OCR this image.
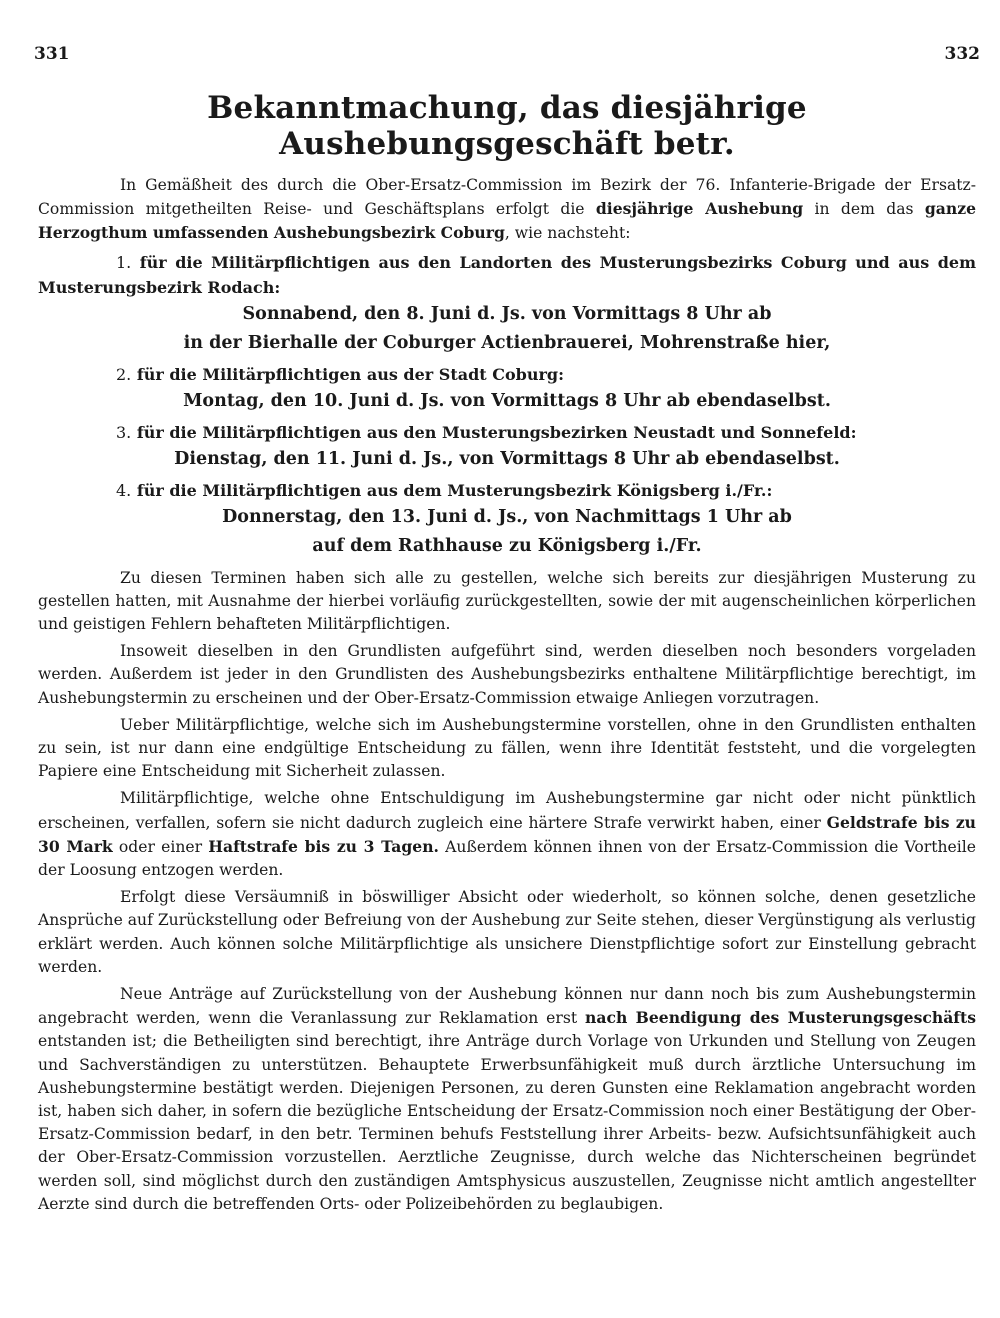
331	332
Bekanntmachung, das diesjährige Aushebungsgeschäft betr.

In Gemäßheit des durch die Ober-Ersatz-Commission im Bezirk der 76. Infanterie-Brigade der Ersatz-Commission mitgetheilten Reise- und Geschäftsplans erfolgt die diesjährige Aushebung in dem das ganze Herzogthum umfassenden Aushebungsbezirk Coburg, wie nachsteht:

1. für die Militärpflichtigen aus den Landorten des Musterungsbezirks Coburg und aus dem Musterungsbezirk Rodach:
Sonnabend, den 8. Juni d. Js. von Vormittags 8 Uhr ab
in der Bierhalle der Coburger Actienbrauerei, Mohrenstraße hier,
2. für die Militärpflichtigen aus der Stadt Coburg:
Montag, den 10. Juni d. Js. von Vormittags 8 Uhr ab ebendaselbst.
3. für die Militärpflichtigen aus den Musterungsbezirken Neustadt und Sonnefeld:
Dienstag, den 11. Juni d. Js., von Vormittags 8 Uhr ab ebendaselbst.
4. für die Militärpflichtigen aus dem Musterungsbezirk Königsberg i./Fr.:
Donnerstag, den 13. Juni d. Js., von Nachmittags 1 Uhr ab
auf dem Rathhause zu Königsberg i./Fr.

Zu diesen Terminen haben sich alle zu gestellen, welche sich bereits zur diesjährigen Musterung zu gestellen hatten, mit Ausnahme der hierbei vorläufig zurückgestellten, sowie der mit augenscheinlichen körperlichen und geistigen Fehlern behafteten Militärpflichtigen.

Insoweit dieselben in den Grundlisten aufgeführt sind, werden dieselben noch besonders vorgeladen werden. Außerdem ist jeder in den Grundlisten des Aushebungsbezirks enthaltene Militärpflichtige berechtigt, im Aushebungstermin zu erscheinen und der Ober-Ersatz-Commission etwaige Anliegen vorzutragen.

Ueber Militärpflichtige, welche sich im Aushebungstermine vorstellen, ohne in den Grundlisten enthalten zu sein, ist nur dann eine endgültige Entscheidung zu fällen, wenn ihre Identität feststeht, und die vorgelegten Papiere eine Entscheidung mit Sicherheit zulassen.

Militärpflichtige, welche ohne Entschuldigung im Aushebungstermine gar nicht oder nicht pünktlich erscheinen, verfallen, sofern sie nicht dadurch zugleich eine härtere Strafe verwirkt haben, einer Geldstrafe bis zu 30 Mark oder einer Haftstrafe bis zu 3 Tagen. Außerdem können ihnen von der Ersatz-Commission die Vortheile der Loosung entzogen werden.

Erfolgt diese Versäumniß in böswilliger Absicht oder wiederholt, so können solche, denen gesetzliche Ansprüche auf Zurückstellung oder Befreiung von der Aushebung zur Seite stehen, dieser Vergünstigung als verlustig erklärt werden. Auch können solche Militärpflichtige als unsichere Dienstpflichtige sofort zur Einstellung gebracht werden.

Neue Anträge auf Zurückstellung von der Aushebung können nur dann noch bis zum Aushebungstermin angebracht werden, wenn die Veranlassung zur Reklamation erst nach Beendigung des Musterungsgeschäfts entstanden ist; die Betheiligten sind berechtigt, ihre Anträge durch Vorlage von Urkunden und Stellung von Zeugen und Sachverständigen zu unterstützen. Behauptete Erwerbsunfähigkeit muß durch ärztliche Untersuchung im Aushebungstermine bestätigt werden. Diejenigen Personen, zu deren Gunsten eine Reklamation angebracht worden ist, haben sich daher, in sofern die bezügliche Entscheidung der Ersatz-Commission noch einer Bestätigung der Ober-Ersatz-Commission bedarf, in den betr. Terminen behufs Feststellung ihrer Arbeits- bezw. Aufsichtsunfähigkeit auch der Ober-Ersatz-Commission vorzustellen. Aerztliche Zeugnisse, durch welche das Nichterscheinen begründet werden soll, sind möglichst durch den zuständigen Amtsphysicus auszustellen, Zeugnisse nicht amtlich angestellter Aerzte sind durch die betreffenden Orts- oder Polizeibehörden zu beglaubigen.
